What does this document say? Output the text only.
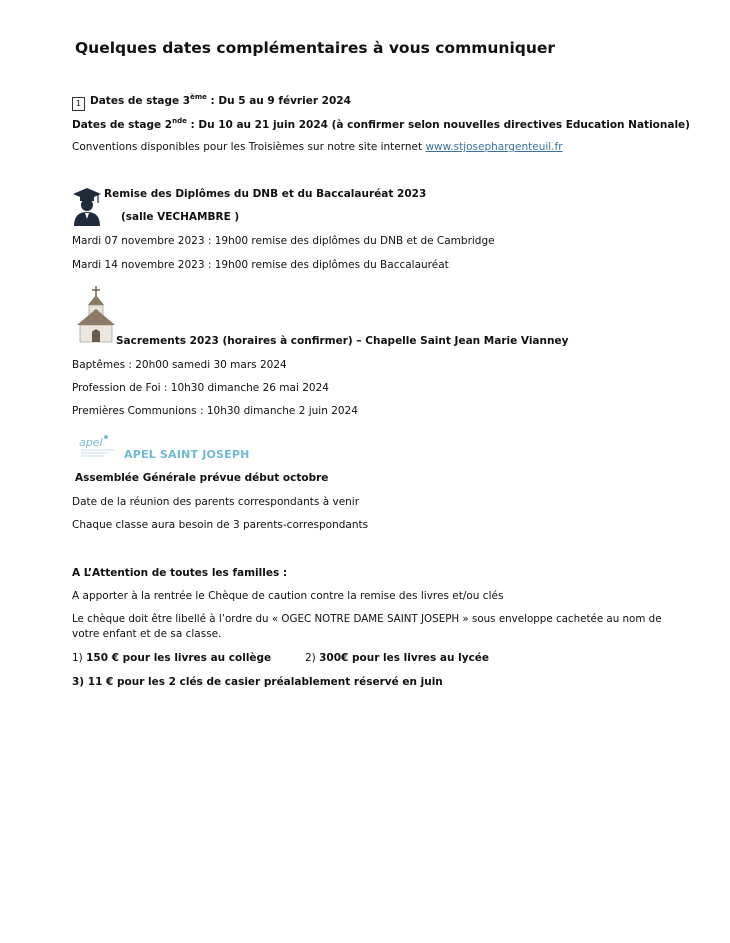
Quelques dates complémentaires à vous communiquer
1 Dates de stage 3ème : Du 5 au 9 février 2024
Dates de stage 2nde : Du 10 au 21 juin 2024 (à confirmer selon nouvelles directives Education Nationale)
Conventions disponibles pour les Troisièmes sur notre site internet www.stjosephargenteuil.fr
Remise des Diplômes du DNB et du Baccalauréat 2023
(salle VECHAMBRE )
Mardi 07 novembre 2023 : 19h00 remise des diplômes du DNB et de Cambridge
Mardi 14 novembre 2023 : 19h00 remise des diplômes du Baccalauréat
Sacrements 2023 (horaires à confirmer) – Chapelle Saint Jean Marie Vianney
Baptêmes : 20h00 samedi 30 mars 2024
Profession de Foi : 10h30 dimanche 26 mai 2024
Premières Communions : 10h30 dimanche 2 juin 2024
apel
APEL SAINT JOSEPH
Assemblée Générale prévue début octobre
Date de la réunion des parents correspondants à venir
Chaque classe aura besoin de 3 parents-correspondants
A L’Attention de toutes les familles :
A apporter à la rentrée le Chèque de caution contre la remise des livres et/ou clés
Le chèque doit être libellé à l’ordre du « OGEC NOTRE DAME SAINT JOSEPH » sous enveloppe cachetée au nom de
votre enfant et de sa classe.
1) 150 € pour les livres au collège	2) 300€ pour les livres au lycée
3) 11 € pour les 2 clés de casier préalablement réservé en juin
